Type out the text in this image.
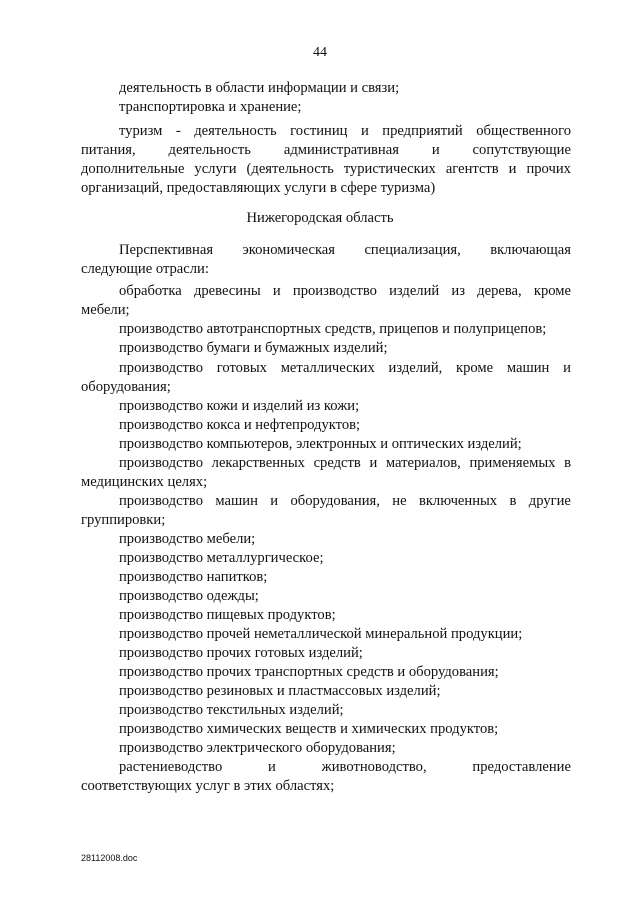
44
деятельность в области информации и связи;
транспортировка и хранение;
туризм - деятельность гостиниц и предприятий общественного
питания, деятельность административная и сопутствующие
дополнительные услуги (деятельность туристических агентств и прочих
организаций, предоставляющих услуги в сфере туризма)
Нижегородская область
Перспективная экономическая специализация, включающая
следующие отрасли:
обработка древесины и производство изделий из дерева, кроме
мебели;
производство автотранспортных средств, прицепов и полуприцепов;
производство бумаги и бумажных изделий;
производство готовых металлических изделий, кроме машин и
оборудования;
производство кожи и изделий из кожи;
производство кокса и нефтепродуктов;
производство компьютеров, электронных и оптических изделий;
производство лекарственных средств и материалов, применяемых в
медицинских целях;
производство машин и оборудования, не включенных в другие
группировки;
производство мебели;
производство металлургическое;
производство напитков;
производство одежды;
производство пищевых продуктов;
производство прочей неметаллической минеральной продукции;
производство прочих готовых изделий;
производство прочих транспортных средств и оборудования;
производство резиновых и пластмассовых изделий;
производство текстильных изделий;
производство химических веществ и химических продуктов;
производство электрического оборудования;
растениеводство	и	животноводство,	предоставление
соответствующих услуг в этих областях;
28112008.doc
